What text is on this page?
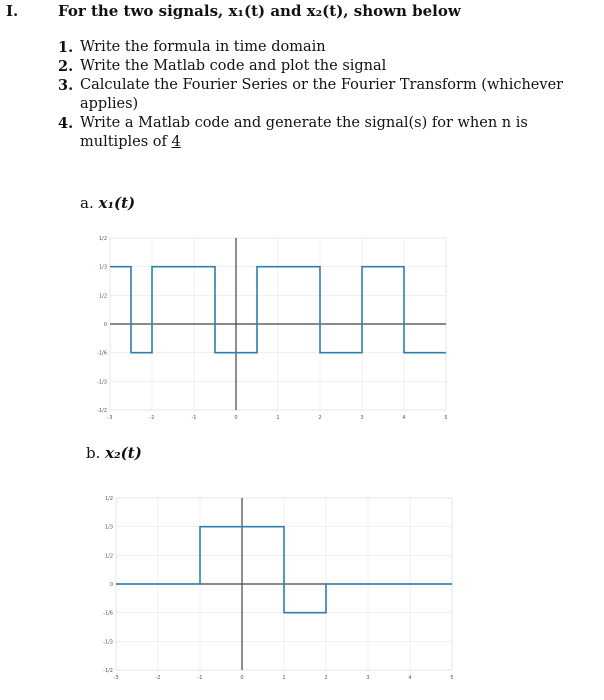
I.	For the two signals, x₁(t) and x₂(t), shown below
1. Write the formula in time domain
2. Write the Matlab code and plot the signal
3. Calculate the Fourier Series or the Fourier Transform (whichever applies)
4. Write a Matlab code and generate the signal(s) for when n is multiples of 4
a. x₁(t)
1/2
1/3
1/2
0
-1/6
-1/3
-1/2
-3	-2	-1	0	1	2	3	4	5
b. x₂(t)
1/2
1/3
1/2
0
-1/6
-1/3
-1/2
-3	-2	-1	0	1	2	3	4	5
